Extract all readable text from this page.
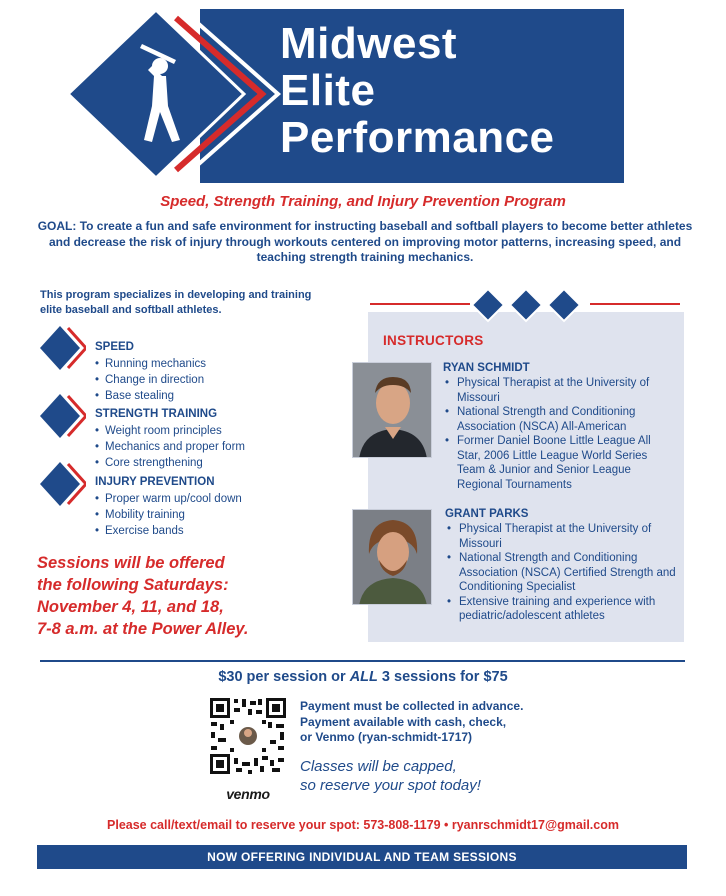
Midwest
Elite
Performance
Speed, Strength Training, and Injury Prevention Program
GOAL: To create a fun and safe environment for instructing baseball and softball players to become better athletes and decrease the risk of injury through workouts centered on improving motor patterns, increasing speed, and teaching strength training mechanics.
This program specializes in developing and training elite baseball and softball athletes.
SPEED
• Running mechanics
• Change in direction
• Base stealing
STRENGTH TRAINING
• Weight room principles
• Mechanics and proper form
• Core strengthening
INJURY PREVENTION
• Proper warm up/cool down
• Mobility training
• Exercise bands
Sessions will be offered
the following Saturdays:
November 4, 11, and 18,
7-8 a.m. at the Power Alley.
INSTRUCTORS
RYAN SCHMIDT
• Physical Therapist at the University of Missouri
• National Strength and Conditioning Association (NSCA) All-American
• Former Daniel Boone Little League All Star, 2006 Little League World Series Team & Junior and Senior League Regional Tournaments
GRANT PARKS
• Physical Therapist at the University of Missouri
• National Strength and Conditioning Association (NSCA) Certified Strength and Conditioning Specialist
• Extensive training and experience with pediatric/adolescent athletes
$30 per session or ALL 3 sessions for $75
venmo
Payment must be collected in advance.
Payment available with cash, check,
or Venmo (ryan-schmidt-1717)
Classes will be capped,
so reserve your spot today!
Please call/text/email to reserve your spot: 573-808-1179 • ryanrschmidt17@gmail.com
NOW OFFERING INDIVIDUAL AND TEAM SESSIONS
